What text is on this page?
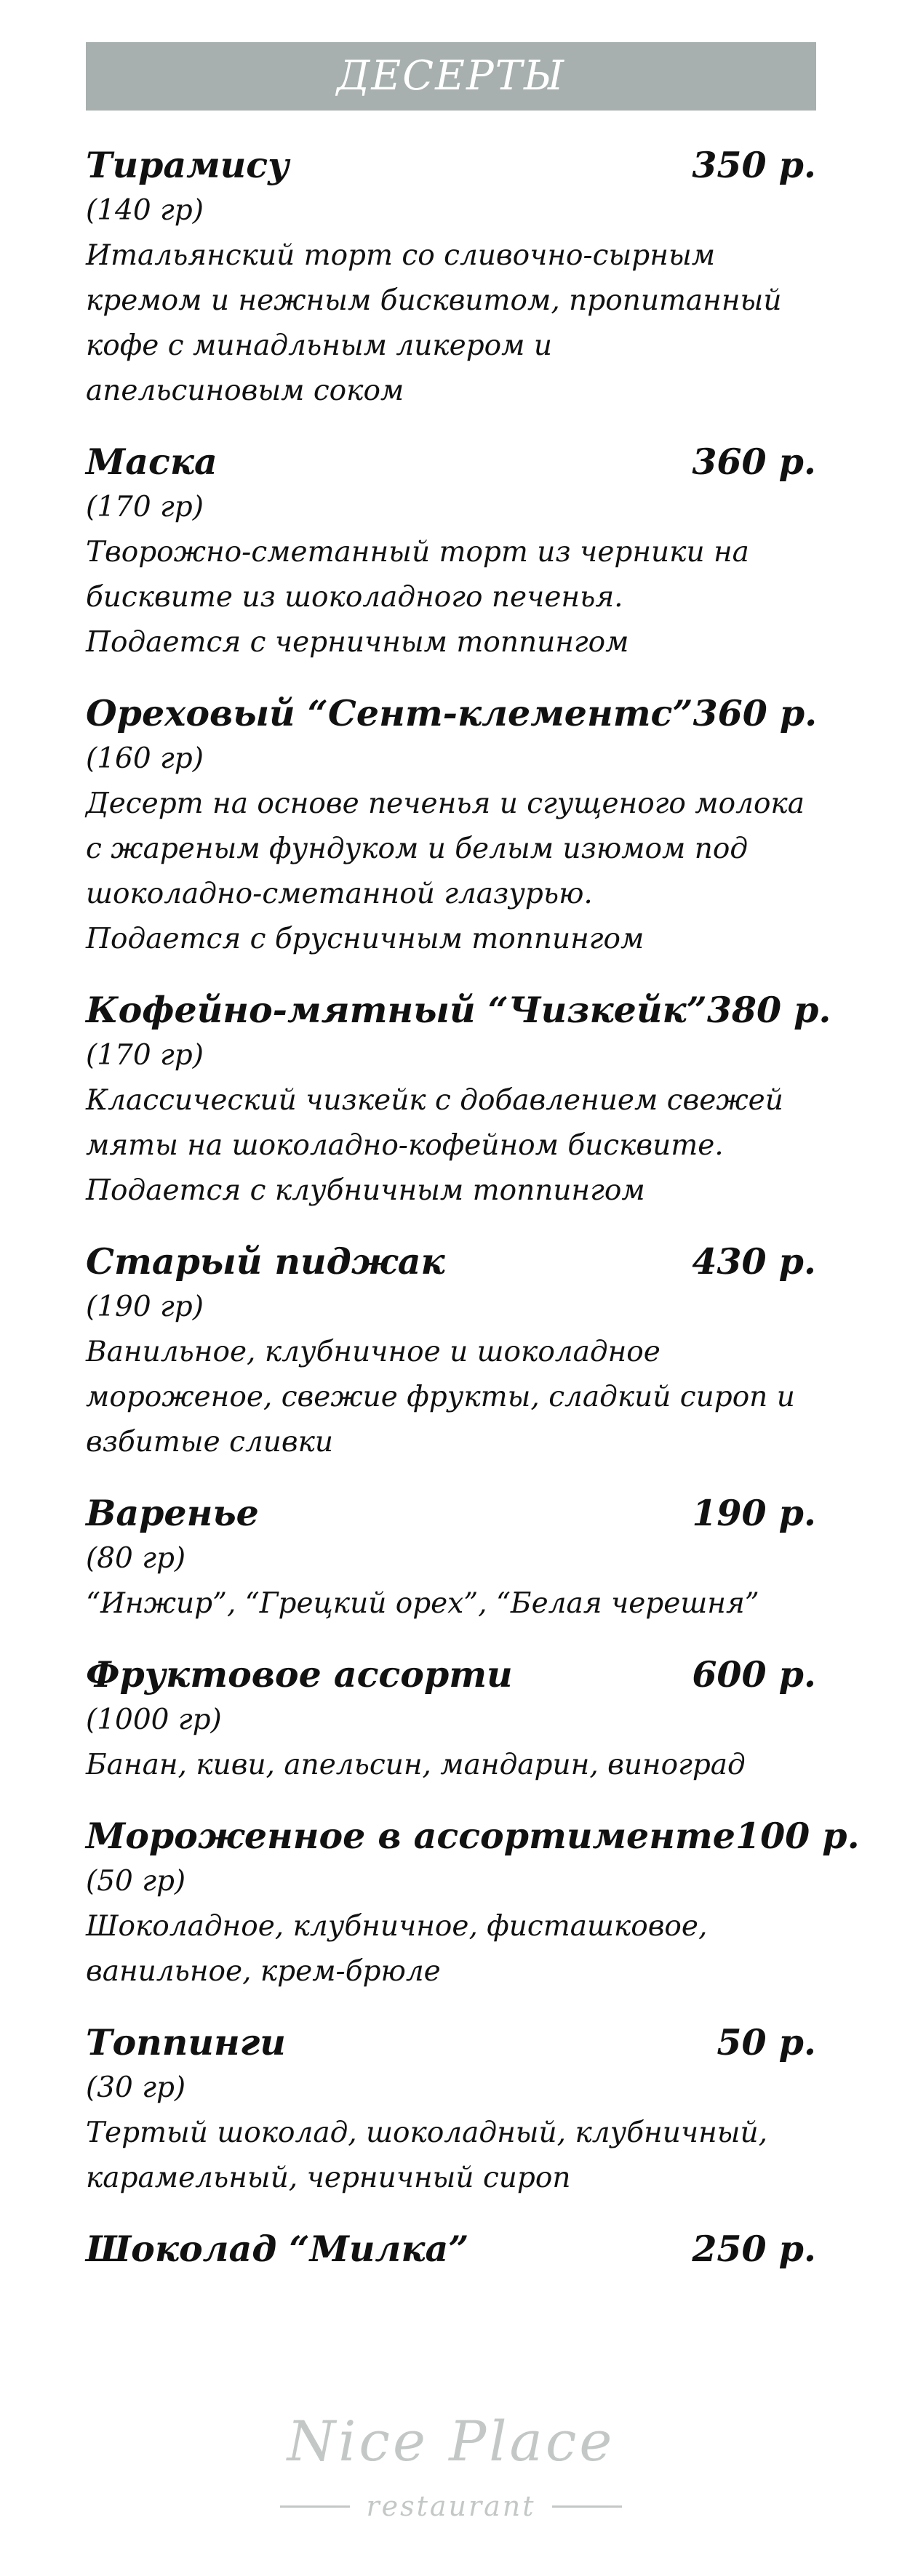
ДЕСЕРТЫ
Тирамису	350 р.
(140 гр)
Итальянский торт со сливочно-сырным
кремом и нежным бисквитом, пропитанный
кофе с минадльным ликером и
апельсиновым соком
Маска	360 р.
(170 гр)
Творожно-сметанный торт из черники на
бисквите из шоколадного печенья.
Подается с черничным топпингом
Ореховый “Сент-клементс” 360 р.
(160 гр)
Десерт на основе печенья и сгущеного молока
с жареным фундуком и белым изюмом под
шоколадно-сметанной глазурью.
Подается с брусничным топпингом
Кофейно-мятный “Чизкейк” 380 р.
(170 гр)
Классический чизкейк с добавлением свежей
мяты на шоколадно-кофейном бисквите.
Подается с клубничным топпингом
Старый пиджак	430 р.
(190 гр)
Ванильное, клубничное и шоколадное
мороженое, свежие фрукты, сладкий сироп и
взбитые сливки
Варенье	190 р.
(80 гр)
“Инжир”, “Грецкий орех”, “Белая черешня”
Фруктовое ассорти	600 р.
(1000 гр)
Банан, киви, апельсин, мандарин, виноград
Мороженное в ассортименте 100 р.
(50 гр)
Шоколадное, клубничное, фисташковое,
ванильное, крем-брюле
Топпинги	50 р.
(30 гр)
Тертый шоколад, шоколадный, клубничный,
карамельный, черничный сироп
Шоколад “Милка”	250 р.
Nice Place
restaurant
